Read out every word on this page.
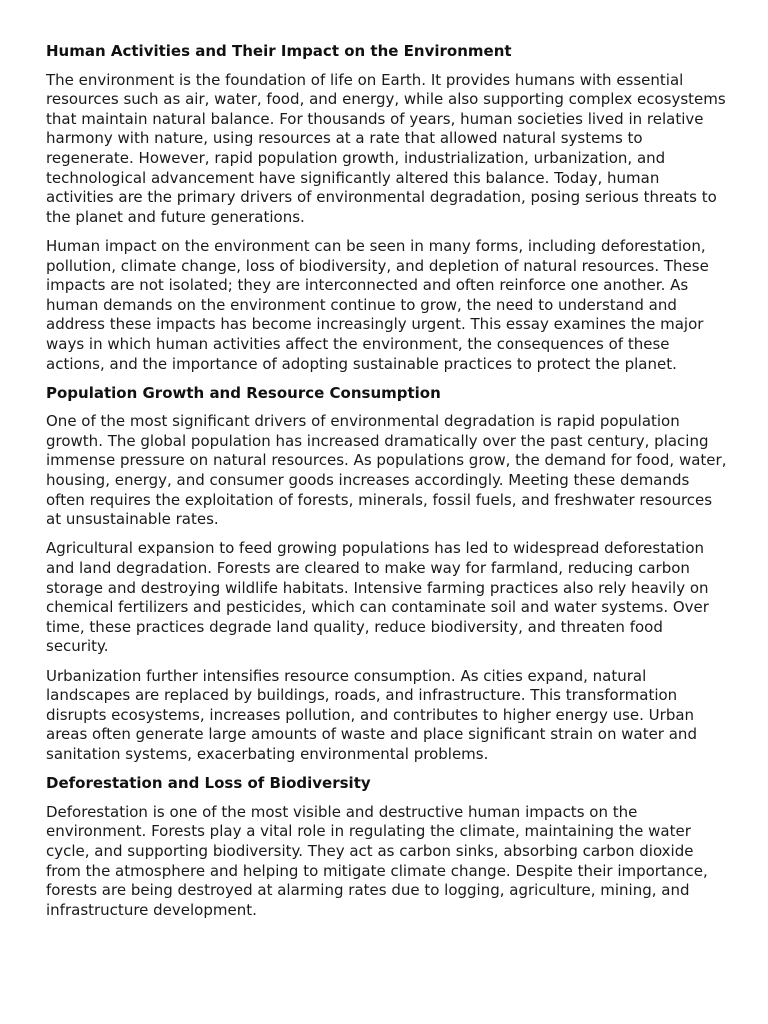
Human Activities and Their Impact on the Environment

The environment is the foundation of life on Earth. It provides humans with essential resources such as air, water, food, and energy, while also supporting complex ecosystems that maintain natural balance. For thousands of years, human societies lived in relative harmony with nature, using resources at a rate that allowed natural systems to regenerate. However, rapid population growth, industrialization, urbanization, and technological advancement have significantly altered this balance. Today, human activities are the primary drivers of environmental degradation, posing serious threats to the planet and future generations.

Human impact on the environment can be seen in many forms, including deforestation, pollution, climate change, loss of biodiversity, and depletion of natural resources. These impacts are not isolated; they are interconnected and often reinforce one another. As human demands on the environment continue to grow, the need to understand and address these impacts has become increasingly urgent. This essay examines the major ways in which human activities affect the environment, the consequences of these actions, and the importance of adopting sustainable practices to protect the planet.

Population Growth and Resource Consumption

One of the most significant drivers of environmental degradation is rapid population growth. The global population has increased dramatically over the past century, placing immense pressure on natural resources. As populations grow, the demand for food, water, housing, energy, and consumer goods increases accordingly. Meeting these demands often requires the exploitation of forests, minerals, fossil fuels, and freshwater resources at unsustainable rates.

Agricultural expansion to feed growing populations has led to widespread deforestation and land degradation. Forests are cleared to make way for farmland, reducing carbon storage and destroying wildlife habitats. Intensive farming practices also rely heavily on chemical fertilizers and pesticides, which can contaminate soil and water systems. Over time, these practices degrade land quality, reduce biodiversity, and threaten food security.

Urbanization further intensifies resource consumption. As cities expand, natural landscapes are replaced by buildings, roads, and infrastructure. This transformation disrupts ecosystems, increases pollution, and contributes to higher energy use. Urban areas often generate large amounts of waste and place significant strain on water and sanitation systems, exacerbating environmental problems.

Deforestation and Loss of Biodiversity

Deforestation is one of the most visible and destructive human impacts on the environment. Forests play a vital role in regulating the climate, maintaining the water cycle, and supporting biodiversity. They act as carbon sinks, absorbing carbon dioxide from the atmosphere and helping to mitigate climate change. Despite their importance, forests are being destroyed at alarming rates due to logging, agriculture, mining, and infrastructure development.
